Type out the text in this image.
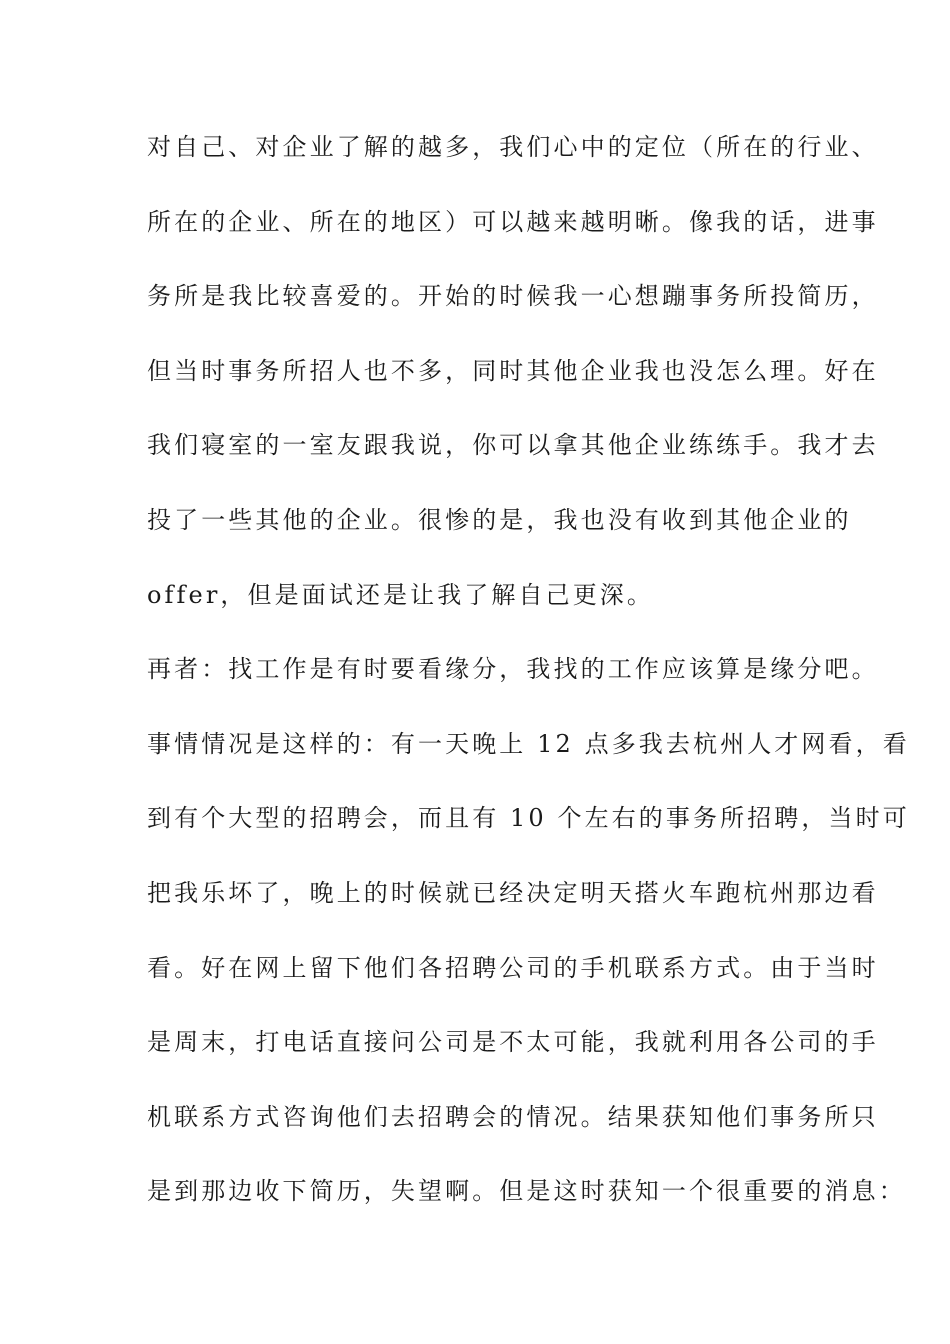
对自己、对企业了解的越多，我们心中的定位（所在的行业、
所在的企业、所在的地区）可以越来越明晰。像我的话，进事
务所是我比较喜爱的。开始的时候我一心想蹦事务所投简历，
但当时事务所招人也不多，同时其他企业我也没怎么理。好在
我们寝室的一室友跟我说，你可以拿其他企业练练手。我才去
投了一些其他的企业。很惨的是，我也没有收到其他企业的
offer，但是面试还是让我了解自己更深。
再者：找工作是有时要看缘分，我找的工作应该算是缘分吧。
事情情况是这样的：有一天晚上 12 点多我去杭州人才网看，看
到有个大型的招聘会，而且有 10 个左右的事务所招聘，当时可
把我乐坏了，晚上的时候就已经决定明天搭火车跑杭州那边看
看。好在网上留下他们各招聘公司的手机联系方式。由于当时
是周末，打电话直接问公司是不太可能，我就利用各公司的手
机联系方式咨询他们去招聘会的情况。结果获知他们事务所只
是到那边收下简历，失望啊。但是这时获知一个很重要的消息：
